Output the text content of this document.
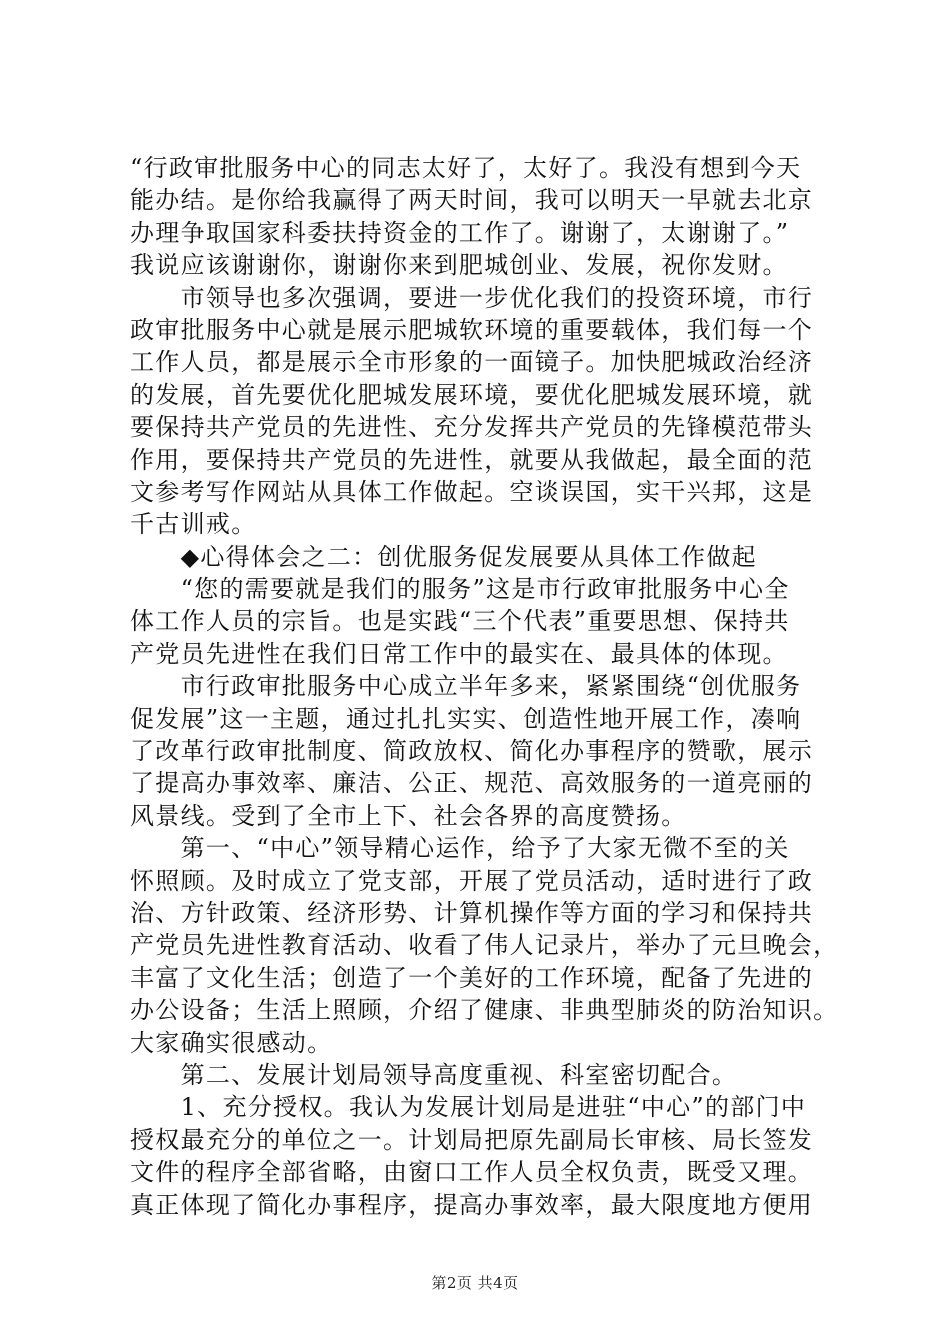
“行政审批服务中心的同志太好了，太好了。我没有想到今天
能办结。是你给我赢得了两天时间，我可以明天一早就去北京
办理争取国家科委扶持资金的工作了。谢谢了，太谢谢了。”
我说应该谢谢你，谢谢你来到肥城创业、发展，祝你发财。
　　市领导也多次强调，要进一步优化我们的投资环境，市行
政审批服务中心就是展示肥城软环境的重要载体，我们每一个
工作人员，都是展示全市形象的一面镜子。加快肥城政治经济
的发展，首先要优化肥城发展环境，要优化肥城发展环境，就
要保持共产党员的先进性、充分发挥共产党员的先锋模范带头
作用，要保持共产党员的先进性，就要从我做起，最全面的范
文参考写作网站从具体工作做起。空谈误国，实干兴邦，这是
千古训戒。
　　◆心得体会之二：创优服务促发展要从具体工作做起
　　“您的需要就是我们的服务”这是市行政审批服务中心全
体工作人员的宗旨。也是实践“三个代表”重要思想、保持共
产党员先进性在我们日常工作中的最实在、最具体的体现。
　　市行政审批服务中心成立半年多来，紧紧围绕“创优服务
促发展”这一主题，通过扎扎实实、创造性地开展工作，凑响
了改革行政审批制度、简政放权、简化办事程序的赞歌，展示
了提高办事效率、廉洁、公正、规范、高效服务的一道亮丽的
风景线。受到了全市上下、社会各界的高度赞扬。
　　第一、“中心”领导精心运作，给予了大家无微不至的关
怀照顾。及时成立了党支部，开展了党员活动，适时进行了政
治、方针政策、经济形势、计算机操作等方面的学习和保持共
产党员先进性教育活动、收看了伟人记录片，举办了元旦晚会，
丰富了文化生活；创造了一个美好的工作环境，配备了先进的
办公设备；生活上照顾，介绍了健康、非典型肺炎的防治知识。
大家确实很感动。
　　第二、发展计划局领导高度重视、科室密切配合。
　　1、充分授权。我认为发展计划局是进驻“中心”的部门中
授权最充分的单位之一。计划局把原先副局长审核、局长签发
文件的程序全部省略，由窗口工作人员全权负责，既受又理。
真正体现了简化办事程序，提高办事效率，最大限度地方便用
第2页 共4页
